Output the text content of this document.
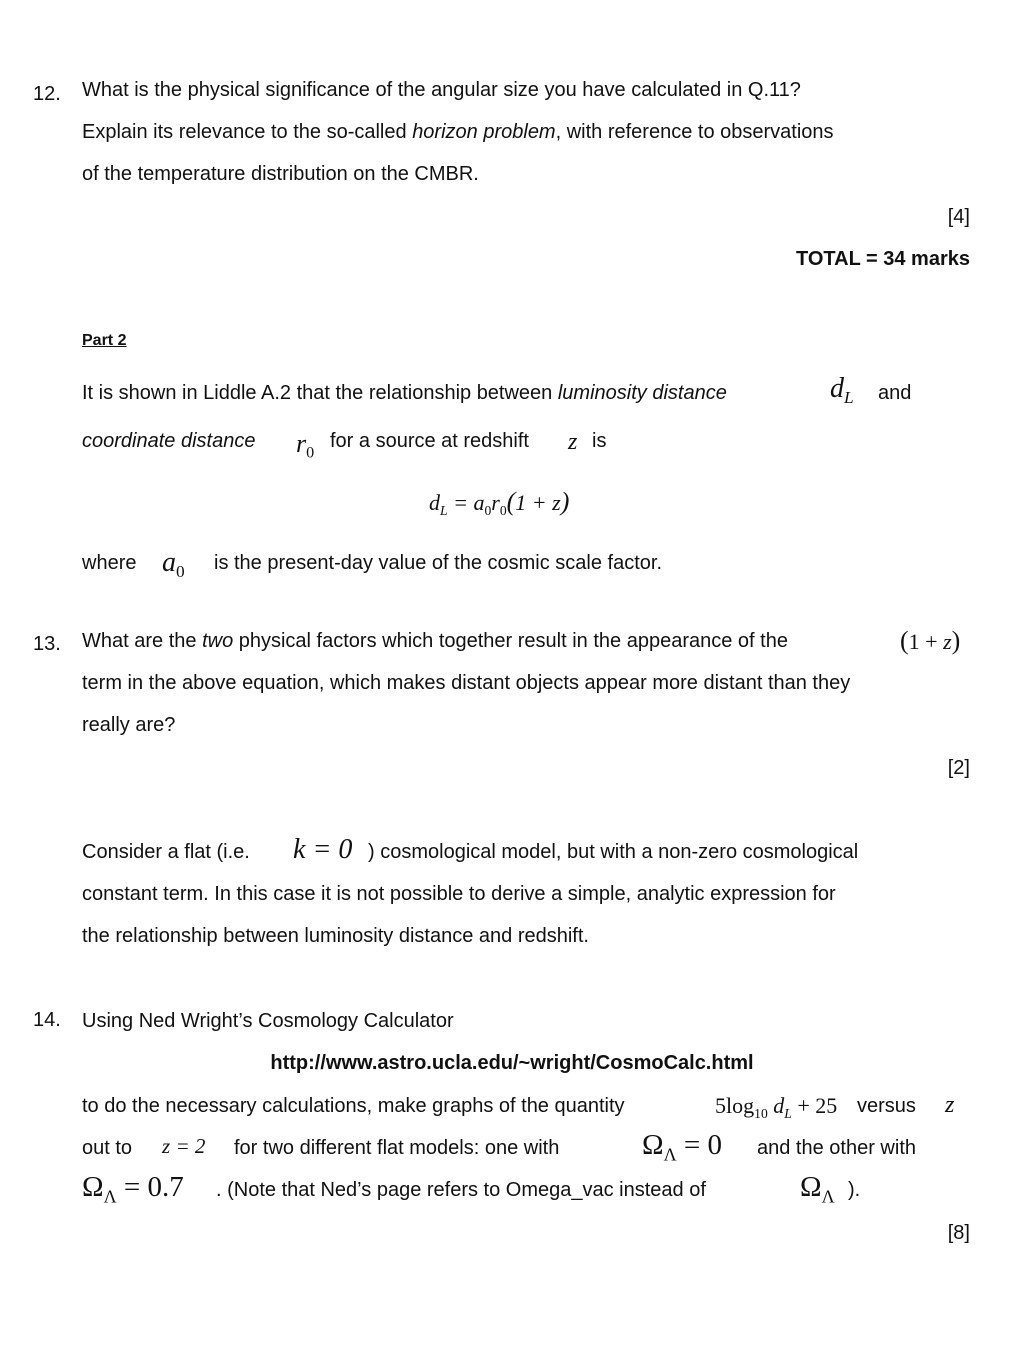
12. What is the physical significance of the angular size you have calculated in Q.11?
Explain its relevance to the so-called horizon problem, with reference to observations
of the temperature distribution on the CMBR.
[4]
TOTAL = 34 marks
Part 2
It is shown in Liddle A.2 that the relationship between luminosity distance	$d_L$ and
coordinate distance $r_0$
for a source at redshift z is
$d_L = a_0r_0(1 + z)$
where $a_0$ is the present-day value of the cosmic scale factor.
13. What are the two physical factors which together result in the appearance of the	(1 + z)
term in the above equation, which makes distant objects appear more distant than they
really are?
[2]
Consider a flat (i.e. k = 0 ) cosmological model, but with a non-zero cosmological
constant term. In this case it is not possible to derive a simple, analytic expression for
the relationship between luminosity distance and redshift.
14. Using Ned Wright’s Cosmology Calculator
http://www.astro.ucla.edu/~wright/CosmoCalc.html
to do the necessary calculations, make graphs of the quantity	$5\log_{10}$ $d_L + 25$ versus z
out to z = 2 for two different flat models: one with	$\Omega_\Lambda = 0$ and the other with
$\Omega_\Lambda = 0.7$ . (Note that Ned’s page refers to Omega_vac instead of	$\Omega_\Lambda$ ).
[8]
